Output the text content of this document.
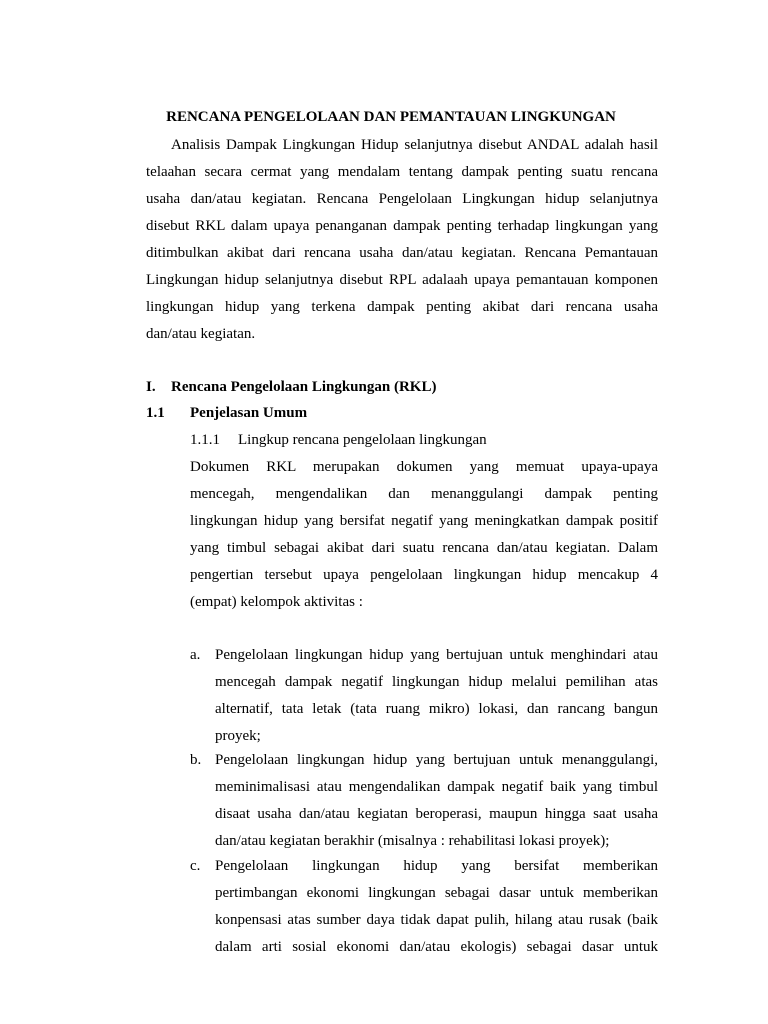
RENCANA PENGELOLAAN DAN PEMANTAUAN LINGKUNGAN
Analisis Dampak Lingkungan Hidup selanjutnya disebut ANDAL adalah hasil
telaahan secara cermat yang mendalam tentang dampak penting suatu rencana
usaha dan/atau kegiatan. Rencana Pengelolaan Lingkungan hidup selanjutnya
disebut RKL dalam upaya penanganan dampak penting terhadap lingkungan yang
ditimbulkan akibat dari rencana usaha dan/atau kegiatan. Rencana Pemantauan
Lingkungan hidup selanjutnya disebut RPL adalaah upaya pemantauan komponen
lingkungan hidup yang terkena dampak penting akibat dari rencana usaha
dan/atau kegiatan.
I. Rencana Pengelolaan Lingkungan (RKL)
1.1 Penjelasan Umum
1.1.1 Lingkup rencana pengelolaan lingkungan
Dokumen RKL merupakan dokumen yang memuat upaya-upaya
mencegah, mengendalikan dan menanggulangi dampak penting
lingkungan hidup yang bersifat negatif yang meningkatkan dampak positif
yang timbul sebagai akibat dari suatu rencana dan/atau kegiatan. Dalam
pengertian tersebut upaya pengelolaan lingkungan hidup mencakup 4
(empat) kelompok aktivitas :
a. Pengelolaan lingkungan hidup yang bertujuan untuk menghindari atau
mencegah dampak negatif lingkungan hidup melalui pemilihan atas
alternatif, tata letak (tata ruang mikro) lokasi, dan rancang bangun
proyek;
b. Pengelolaan lingkungan hidup yang bertujuan untuk menanggulangi,
meminimalisasi atau mengendalikan dampak negatif baik yang timbul
disaat usaha dan/atau kegiatan beroperasi, maupun hingga saat usaha
dan/atau kegiatan berakhir (misalnya : rehabilitasi lokasi proyek);
c. Pengelolaan lingkungan hidup yang bersifat memberikan
pertimbangan ekonomi lingkungan sebagai dasar untuk memberikan
konpensasi atas sumber daya tidak dapat pulih, hilang atau rusak (baik
dalam arti sosial ekonomi dan/atau ekologis) sebagai dasar untuk
